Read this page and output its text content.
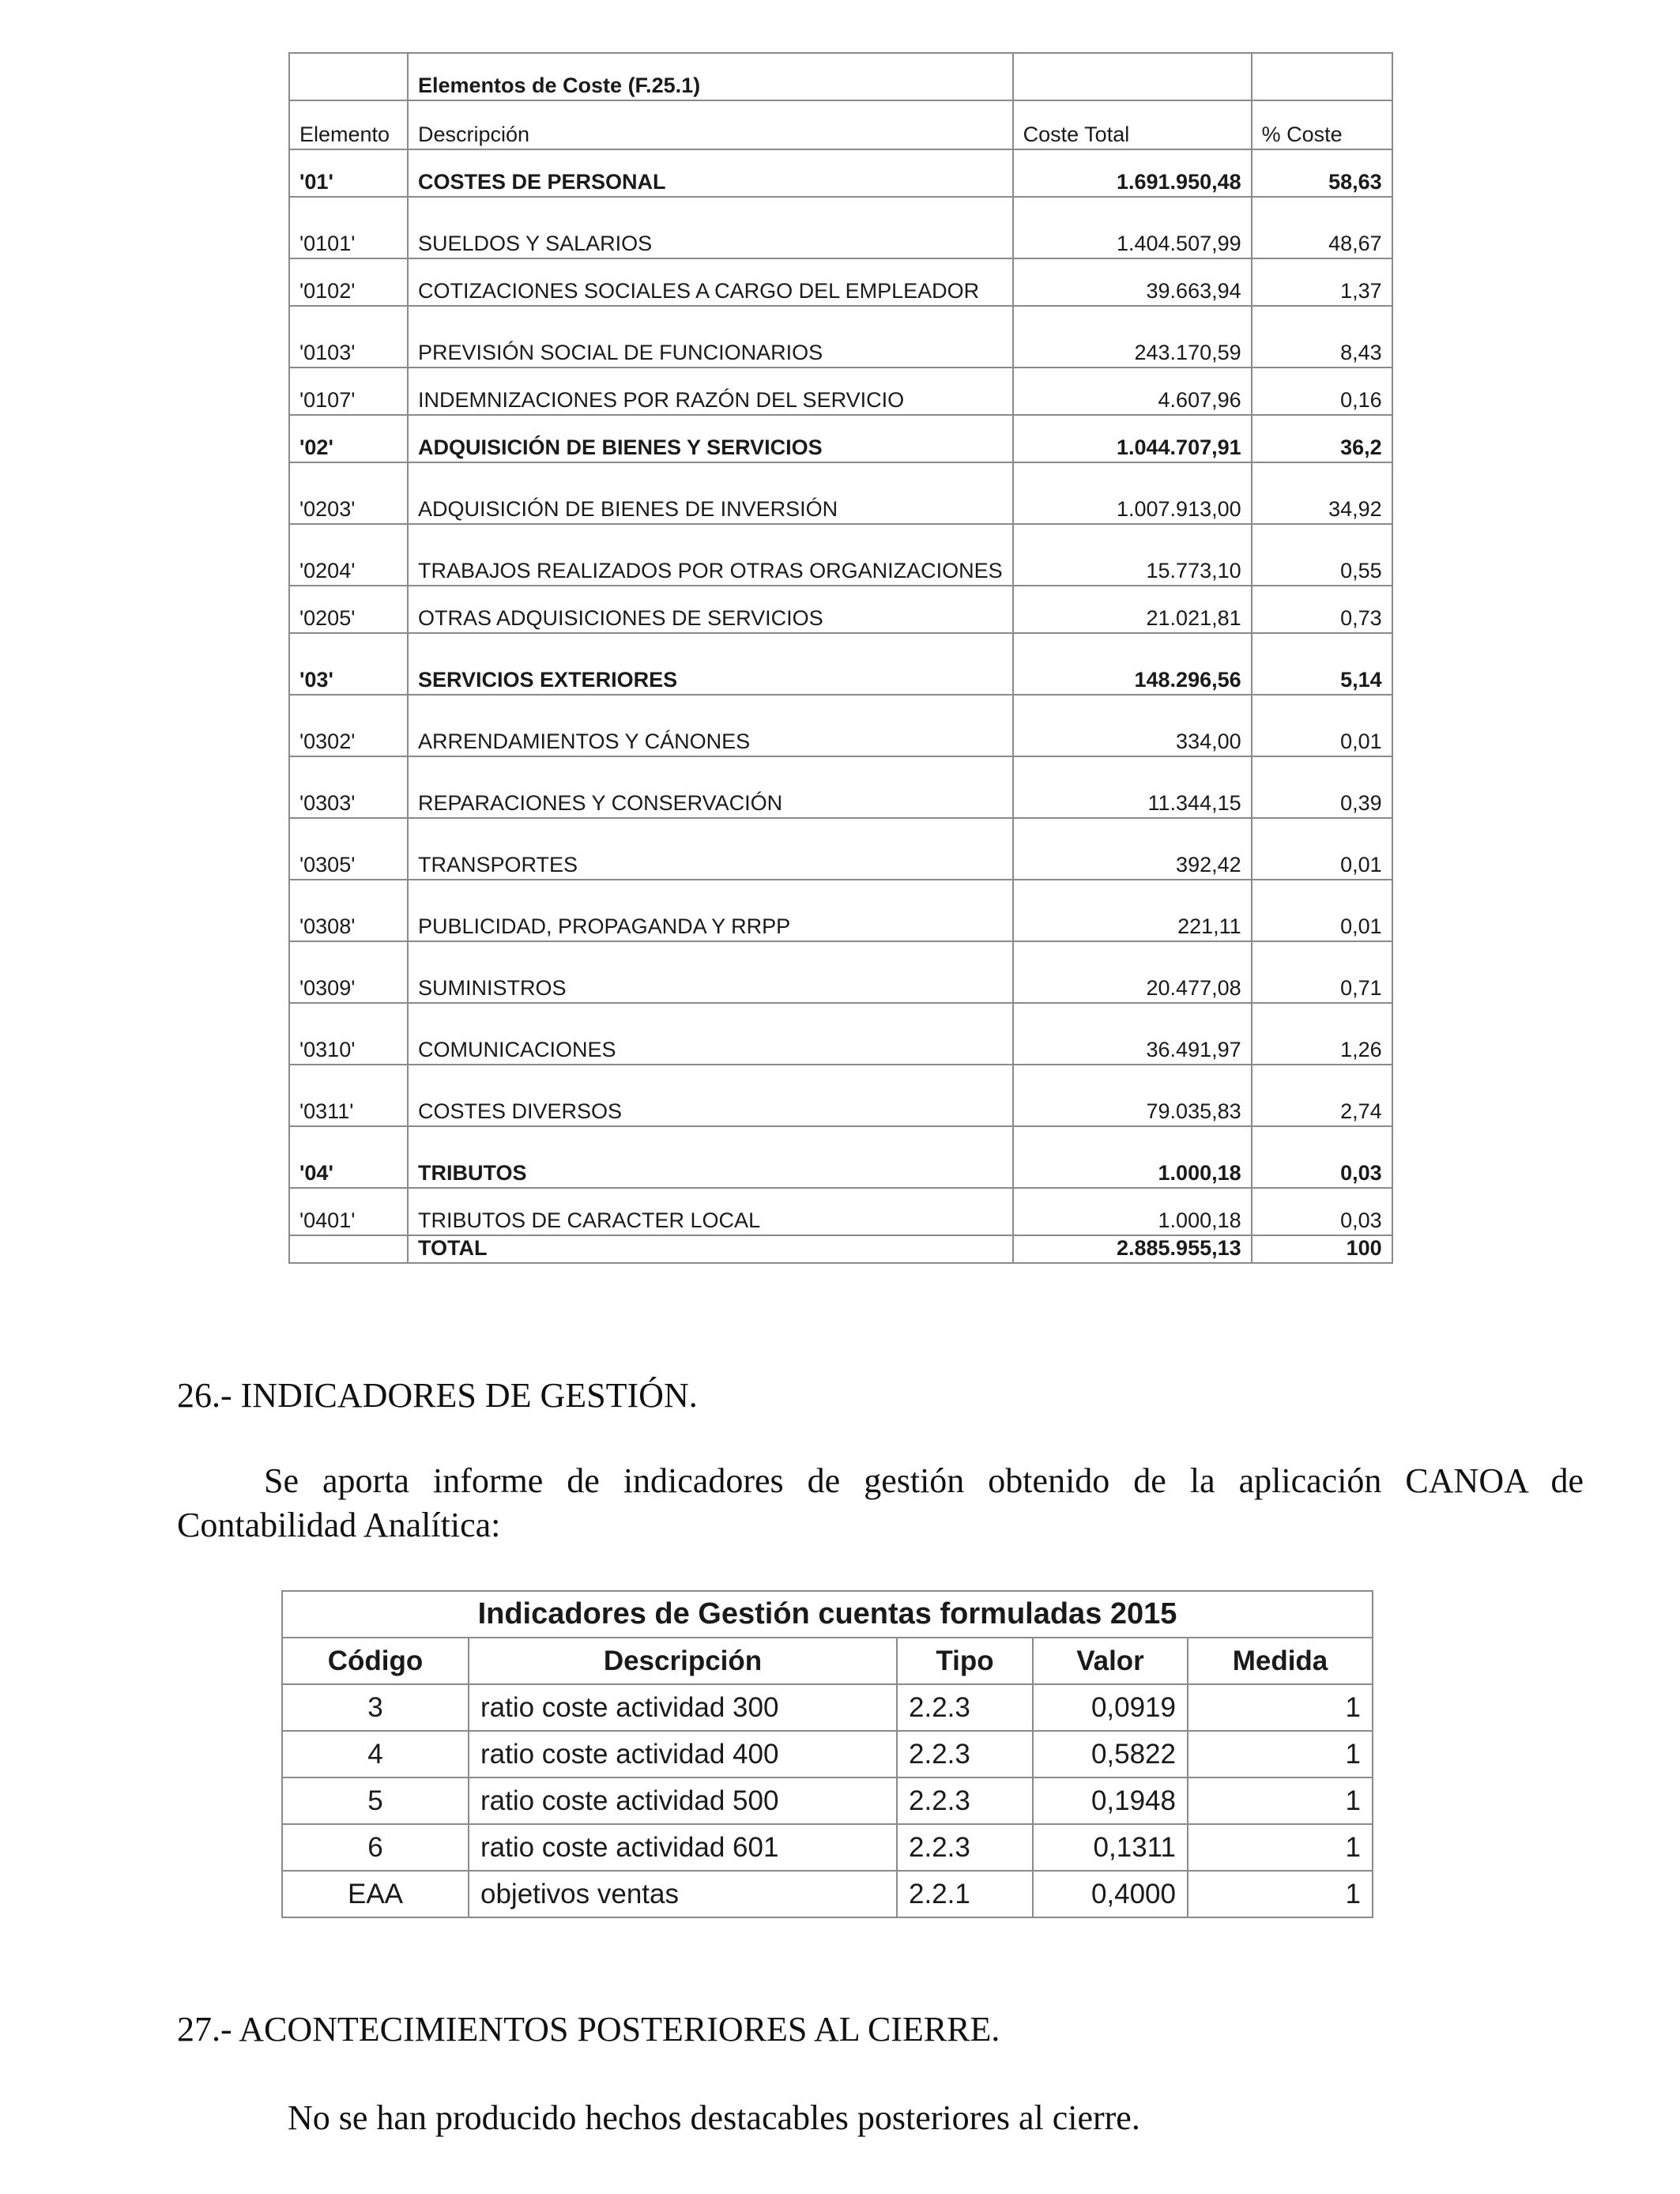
	Elementos de Coste (F.25.1)		
Elemento	Descripción	Coste Total	% Coste
'01'	COSTES DE PERSONAL	1.691.950,48	58,63
'0101'	SUELDOS Y SALARIOS	1.404.507,99	48,67
'0102'	COTIZACIONES SOCIALES A CARGO DEL EMPLEADOR	39.663,94	1,37
'0103'	PREVISIÓN SOCIAL DE FUNCIONARIOS	243.170,59	8,43
'0107'	INDEMNIZACIONES POR RAZÓN DEL SERVICIO	4.607,96	0,16
'02'	ADQUISICIÓN DE BIENES Y SERVICIOS	1.044.707,91	36,2
'0203'	ADQUISICIÓN DE BIENES DE INVERSIÓN	1.007.913,00	34,92
'0204'	TRABAJOS REALIZADOS POR OTRAS ORGANIZACIONES	15.773,10	0,55
'0205'	OTRAS ADQUISICIONES DE SERVICIOS	21.021,81	0,73
'03'	SERVICIOS EXTERIORES	148.296,56	5,14
'0302'	ARRENDAMIENTOS Y CÁNONES	334,00	0,01
'0303'	REPARACIONES Y CONSERVACIÓN	11.344,15	0,39
'0305'	TRANSPORTES	392,42	0,01
'0308'	PUBLICIDAD, PROPAGANDA Y RRPP	221,11	0,01
'0309'	SUMINISTROS	20.477,08	0,71
'0310'	COMUNICACIONES	36.491,97	1,26
'0311'	COSTES DIVERSOS	79.035,83	2,74
'04'	TRIBUTOS	1.000,18	0,03
'0401'	TRIBUTOS DE CARACTER LOCAL	1.000,18	0,03
	TOTAL	2.885.955,13	100
26.- INDICADORES DE GESTIÓN.
Se aporta informe de indicadores de gestión obtenido de la aplicación CANOA de
Contabilidad Analítica:
Indicadores de Gestión cuentas formuladas 2015				
Código	Descripción	Tipo	Valor	Medida
3	ratio coste actividad 300	2.2.3	0,0919	1
4	ratio coste actividad 400	2.2.3	0,5822	1
5	ratio coste actividad 500	2.2.3	0,1948	1
6	ratio coste actividad 601	2.2.3	0,1311	1
EAA	objetivos ventas	2.2.1	0,4000	1
27.- ACONTECIMIENTOS POSTERIORES AL CIERRE.
No se han producido hechos destacables posteriores al cierre.
